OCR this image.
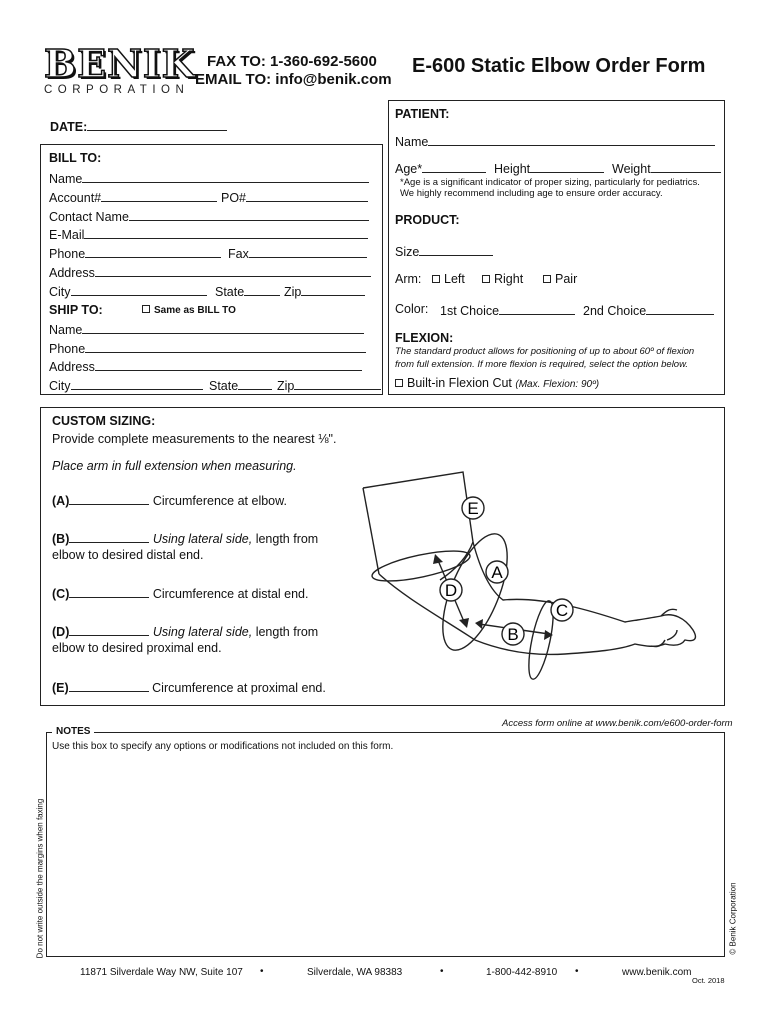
BENIK
CORPORATION
FAX TO: 1-360-692-5600
EMAIL TO: info@benik.com
E-600 Static Elbow Order Form
DATE:
BILL TO:
Name
Account#	PO#
Contact Name
E-Mail
Phone	Fax
Address
City	State	Zip
SHIP TO:	Same as BILL TO
Name
Phone
Address
City	State	Zip
PATIENT:
Name
Age*	Height	Weight
*Age is a significant indicator of proper sizing, particularly for pediatrics.
We highly recommend including age to ensure order accuracy.
PRODUCT:
Size
Arm:	Left	Right	Pair
Color: 1st Choice	2nd Choice
FLEXION:
The standard product allows for positioning of up to about 60º of flexion
from full extension. If more flexion is required, select the option below.
Built-in Flexion Cut (Max. Flexion: 90º)
CUSTOM SIZING:
Provide complete measurements to the nearest ⅛".
Place arm in full extension when measuring.
(A)	Circumference at elbow.
(B)	Using lateral side, length from
elbow to desired distal end.
(C)	Circumference at distal end.
(D)	Using lateral side, length from
elbow to desired proximal end.
(E)	Circumference at proximal end.
E
A
D
C
B
Access form online at www.benik.com/e600-order-form
NOTES
Use this box to specify any options or modifications not included on this form.
Do not write outside the margins when faxing	© Benik Corporation
11871 Silverdale Way NW, Suite 107 •	Silverdale, WA 98383	•	1-800-442-8910 •	www.benik.com
Oct. 2018
